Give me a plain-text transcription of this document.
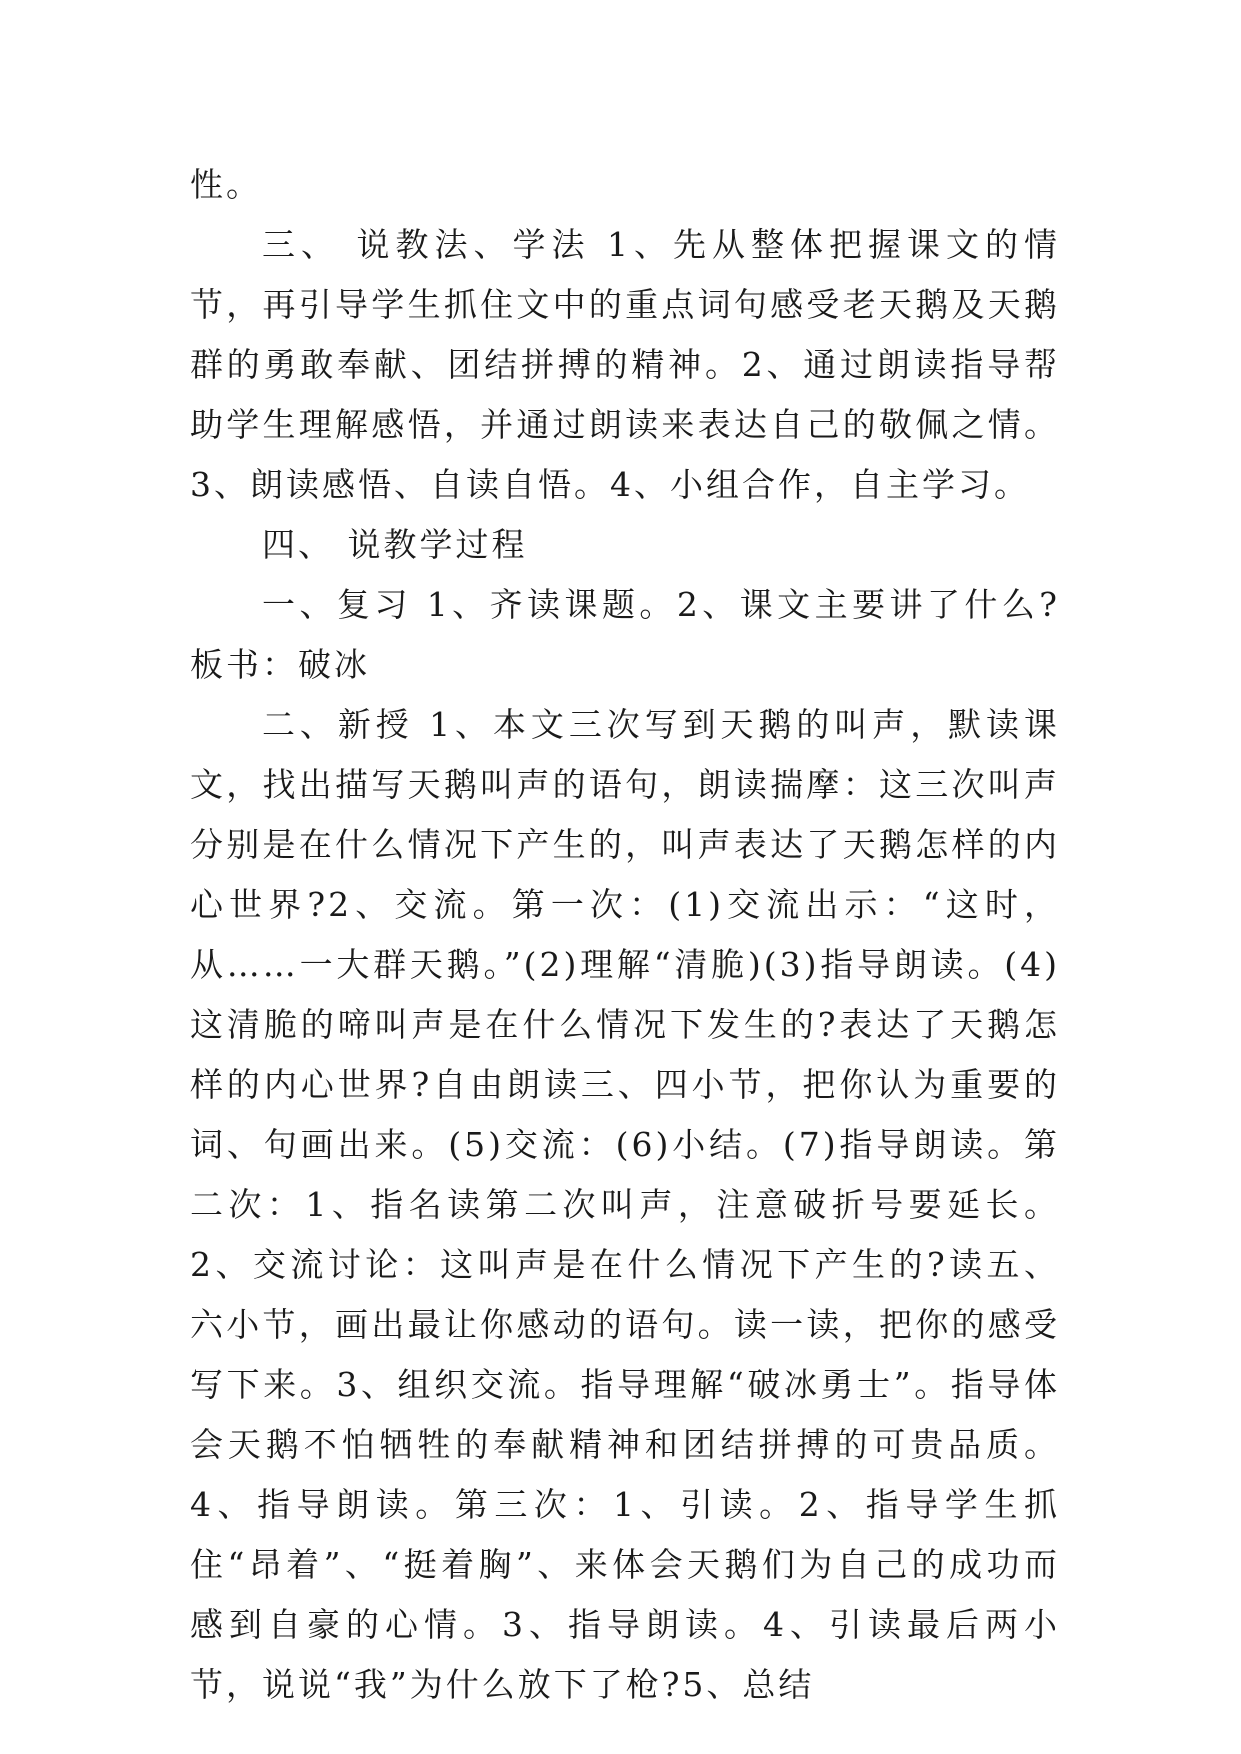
性。

三、 说教法、学法 1、先从整体把握课文的情节，再引导学生抓住文中的重点词句感受老天鹅及天鹅群的勇敢奉献、团结拼搏的精神。2、通过朗读指导帮助学生理解感悟，并通过朗读来表达自己的敬佩之情。3、朗读感悟、自读自悟。4、小组合作，自主学习。

四、 说教学过程

一、复习 1、齐读课题。2、课文主要讲了什么?板书：破冰

二、新授 1、本文三次写到天鹅的叫声，默读课文，找出描写天鹅叫声的语句，朗读揣摩：这三次叫声分别是在什么情况下产生的，叫声表达了天鹅怎样的内心世界?2、交流。第一次：(1)交流出示：“这时，从……一大群天鹅。”(2)理解“清脆)(3)指导朗读。(4)这清脆的啼叫声是在什么情况下发生的?表达了天鹅怎样的内心世界?自由朗读三、四小节，把你认为重要的词、句画出来。(5)交流：(6)小结。(7)指导朗读。第二次：1、指名读第二次叫声，注意破折号要延长。2、交流讨论：这叫声是在什么情况下产生的?读五、六小节，画出最让你感动的语句。读一读，把你的感受写下来。3、组织交流。指导理解“破冰勇士”。指导体会天鹅不怕牺牲的奉献精神和团结拼搏的可贵品质。4、指导朗读。第三次：1、引读。2、指导学生抓住“昂着”、“挺着胸”、来体会天鹅们为自己的成功而感到自豪的心情。3、指导朗读。4、引读最后两小节，说说“我”为什么放下了枪?5、总结
